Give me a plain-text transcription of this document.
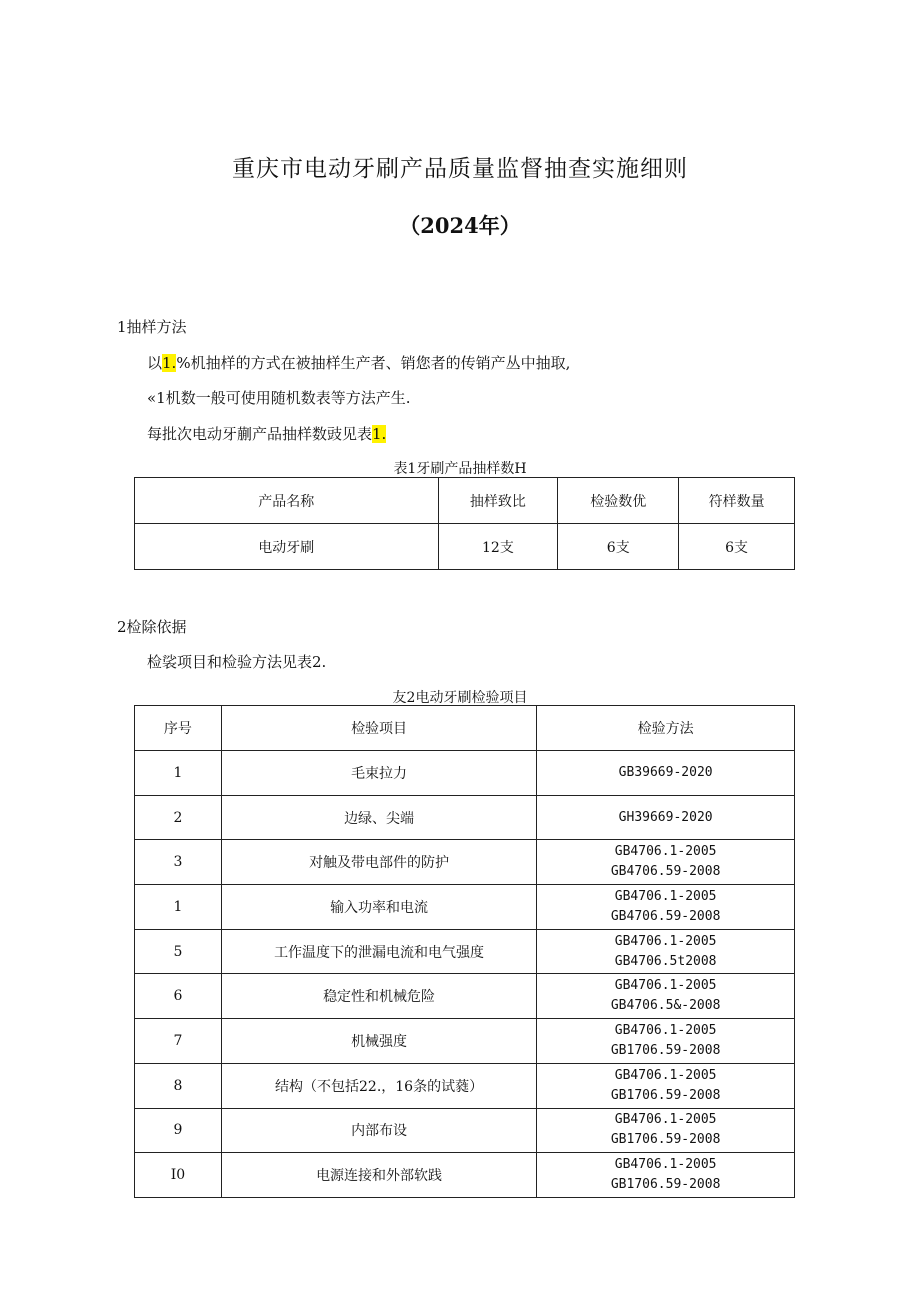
重庆市电动牙刷产品质量监督抽查实施细则
（2024年）
1抽样方法
以1.%机抽样的方式在被抽样生产者、销您者的传销产丛中抽取,
«1机数一般可使用随机数表等方法产生.
每批次电动牙蒯产品抽样数豉见表1.
表1牙刷产品抽样数H
产品名称	抽样致比	检验数优	符样数量
电动牙刷	12支	6支	6支
2检除依据
检裟项目和检验方法见表2.
友2电动牙刷检验项目
序号	检验项目	检验方法
1	毛束拉力	GB39669-2020

2	边绿、尖端	GH39669-2020

3	对触及带电部件的防护	GB4706.1-2005
GB4706.59-2008

1	输入功率和电流	GB4706.1-2005
GB4706.59-2008

5	工作温度下的泄漏电流和电气强度	GB4706.1-2005
GB4706.5t2008

6	稳定性和机械危险	GB4706.1-2005
GB4706.5&-2008

7	机械强度	GB4706.1-2005
GB1706.59-2008

8	结构（不包括22.，16条的试蕤）	GB4706.1-2005
GB1706.59-2008

9	内部布设	GB4706.1-2005
GB1706.59-2008

I0	电源连接和外部软践	GB4706.1-2005
GB1706.59-2008
